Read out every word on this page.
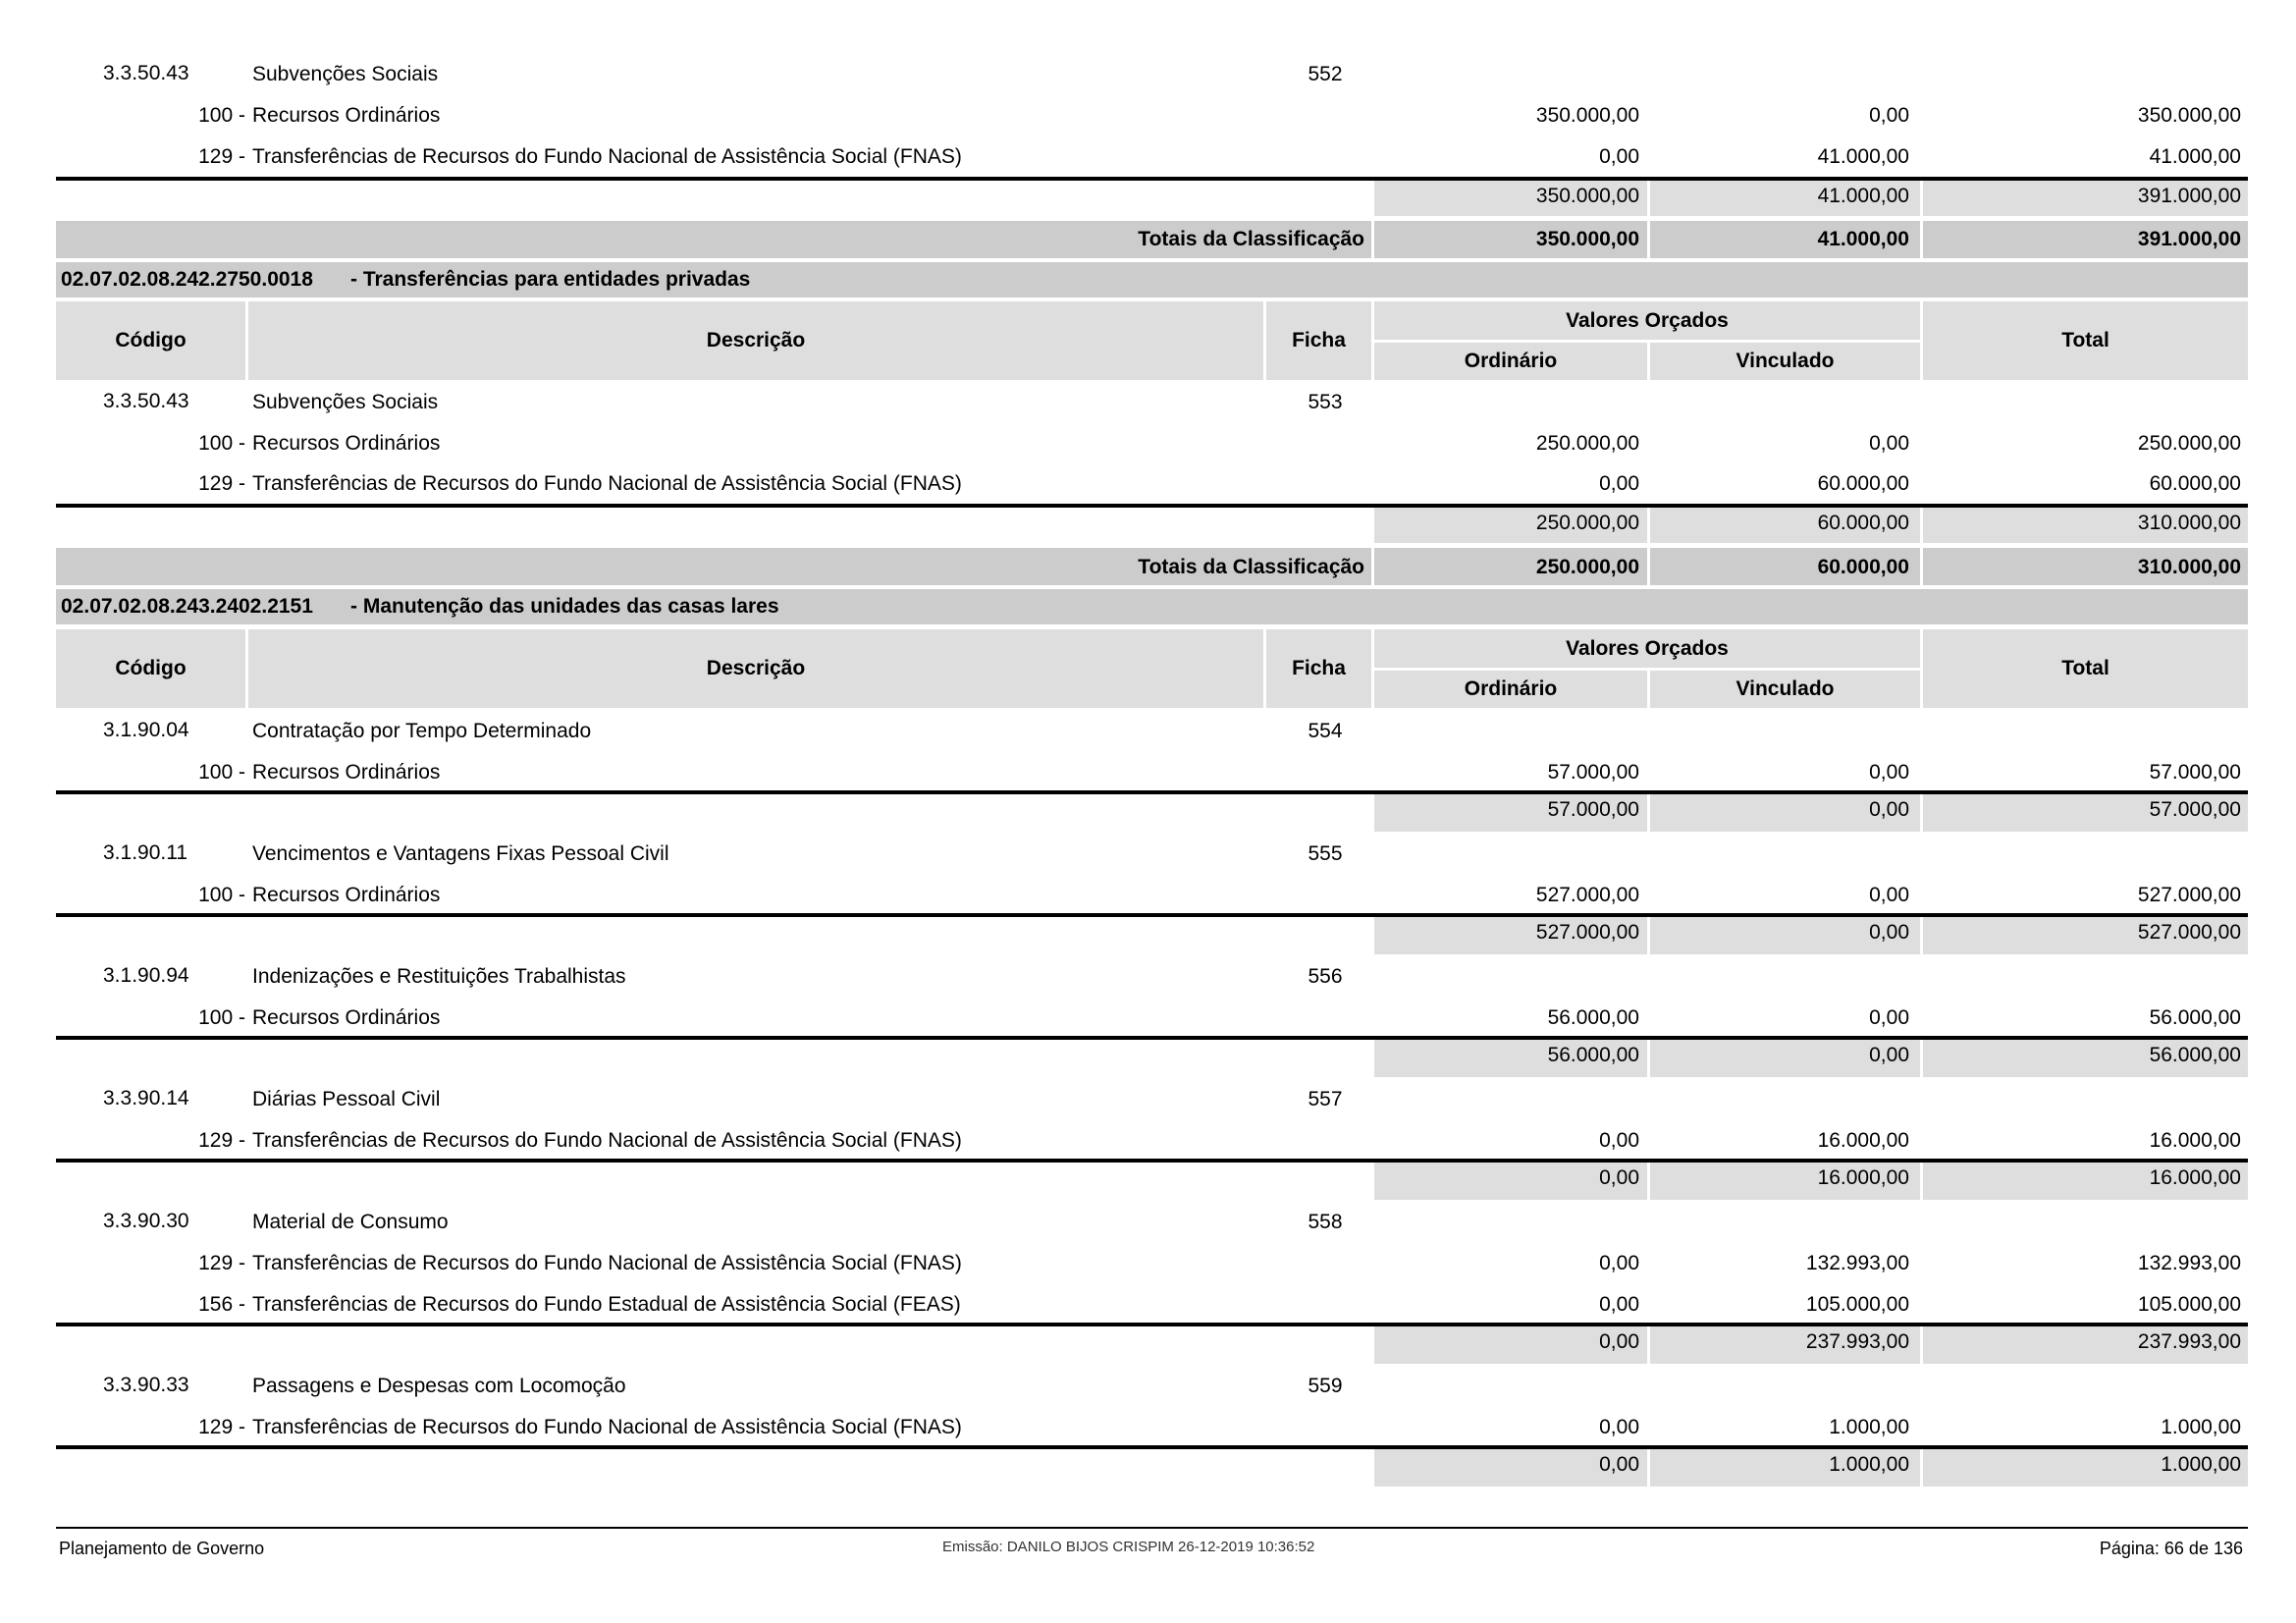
3.3.50.43	Subvenções Sociais	552
100 - Recursos Ordinários	350.000,00	0,00	350.000,00
129 - Transferências de Recursos do Fundo Nacional de Assistência Social (FNAS)	0,00	41.000,00	41.000,00
350.000,00	41.000,00	391.000,00
Totais da Classificação	350.000,00	41.000,00	391.000,00
02.07.02.08.242.2750.0018 - Transferências para entidades privadas
Código	Descrição	Ficha
Valores Orçados
Ordinário	Vinculado
Total
3.3.50.43	Subvenções Sociais	553
100 - Recursos Ordinários	250.000,00	0,00	250.000,00
129 - Transferências de Recursos do Fundo Nacional de Assistência Social (FNAS)	0,00	60.000,00	60.000,00
250.000,00	60.000,00	310.000,00
Totais da Classificação	250.000,00	60.000,00	310.000,00
02.07.02.08.243.2402.2151 - Manutenção das unidades das casas lares
Código	Descrição	Ficha
Valores Orçados
Ordinário	Vinculado
Total
3.1.90.04	Contratação por Tempo Determinado	554
100 - Recursos Ordinários	57.000,00	0,00	57.000,00
57.000,00	0,00	57.000,00
3.1.90.11	Vencimentos e Vantagens Fixas Pessoal Civil	555
100 - Recursos Ordinários	527.000,00	0,00	527.000,00
527.000,00	0,00	527.000,00
3.1.90.94	Indenizações e Restituições Trabalhistas	556
100 - Recursos Ordinários	56.000,00	0,00	56.000,00
56.000,00	0,00	56.000,00
3.3.90.14	Diárias Pessoal Civil	557
129 - Transferências de Recursos do Fundo Nacional de Assistência Social (FNAS)	0,00	16.000,00	16.000,00
0,00	16.000,00	16.000,00
3.3.90.30	Material de Consumo	558
129 - Transferências de Recursos do Fundo Nacional de Assistência Social (FNAS)	0,00	132.993,00	132.993,00
156 - Transferências de Recursos do Fundo Estadual de Assistência Social (FEAS)	0,00	105.000,00	105.000,00
0,00	237.993,00	237.993,00
3.3.90.33	Passagens e Despesas com Locomoção	559
129 - Transferências de Recursos do Fundo Nacional de Assistência Social (FNAS)	0,00	1.000,00	1.000,00
0,00	1.000,00	1.000,00
Planejamento de Governo	Emissão: DANILO BIJOS CRISPIM 26-12-2019 10:36:52	Página: 66 de 136
